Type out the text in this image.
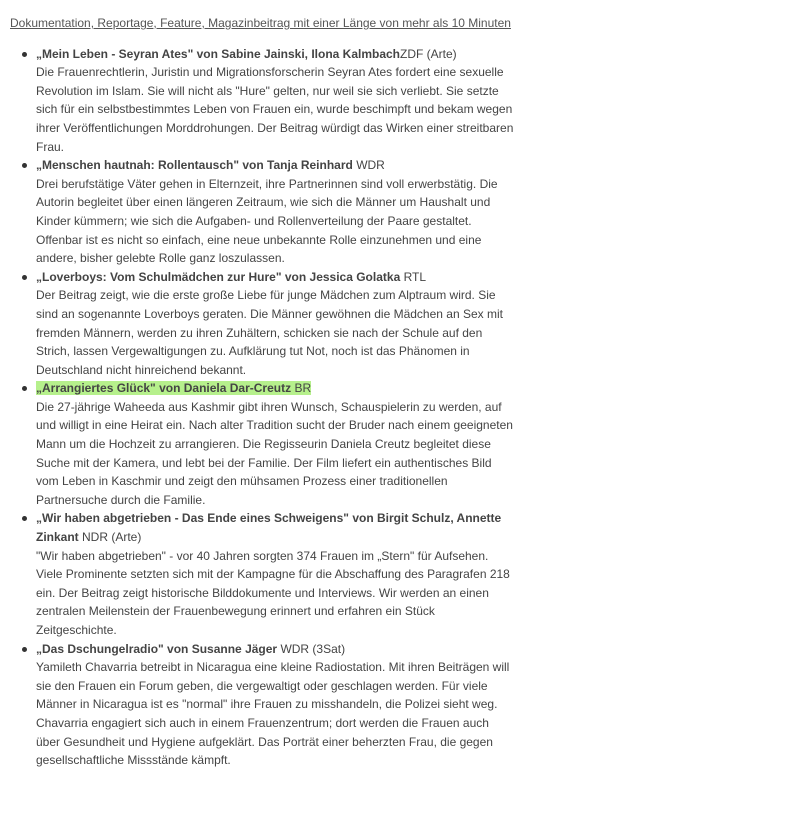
Dokumentation, Reportage, Feature, Magazinbeitrag mit einer Länge von mehr als 10 Minuten
„Mein Leben - Seyran Ates" von Sabine Jainski, Ilona KalmbachZDF (Arte)
Die Frauenrechtlerin, Juristin und Migrationsforscherin Seyran Ates fordert eine sexuelle Revolution im Islam. Sie will nicht als "Hure" gelten, nur weil sie sich verliebt. Sie setzte sich für ein selbstbestimmtes Leben von Frauen ein, wurde beschimpft und bekam wegen ihrer Veröffentlichungen Morddrohungen. Der Beitrag würdigt das Wirken einer streitbaren Frau.
„Menschen hautnah: Rollentausch" von Tanja Reinhard WDR
Drei berufstätige Väter gehen in Elternzeit, ihre Partnerinnen sind voll erwerbstätig. Die Autorin begleitet über einen längeren Zeitraum, wie sich die Männer um Haushalt und Kinder kümmern; wie sich die Aufgaben- und Rollenverteilung der Paare gestaltet. Offenbar ist es nicht so einfach, eine neue unbekannte Rolle einzunehmen und eine andere, bisher gelebte Rolle ganz loszulassen.
„Loverboys: Vom Schulmädchen zur Hure" von Jessica Golatka RTL
Der Beitrag zeigt, wie die erste große Liebe für junge Mädchen zum Alptraum wird. Sie sind an sogenannte Loverboys geraten. Die Männer gewöhnen die Mädchen an Sex mit fremden Männern, werden zu ihren Zuhältern, schicken sie nach der Schule auf den Strich, lassen Vergewaltigungen zu. Aufklärung tut Not, noch ist das Phänomen in Deutschland nicht hinreichend bekannt.
„Arrangiertes Glück" von Daniela Dar-Creutz BR
Die 27-jährige Waheeda aus Kashmir gibt ihren Wunsch, Schauspielerin zu werden, auf und willigt in eine Heirat ein. Nach alter Tradition sucht der Bruder nach einem geeigneten Mann um die Hochzeit zu arrangieren. Die Regisseurin Daniela Creutz begleitet diese Suche mit der Kamera, und lebt bei der Familie. Der Film liefert ein authentisches Bild vom Leben in Kaschmir und zeigt den mühsamen Prozess einer traditionellen Partnersuche durch die Familie.
„Wir haben abgetrieben - Das Ende eines Schweigens" von Birgit Schulz, Annette Zinkant NDR (Arte)
"Wir haben abgetrieben" - vor 40 Jahren sorgten 374 Frauen im „Stern" für Aufsehen. Viele Prominente setzten sich mit der Kampagne für die Abschaffung des Paragrafen 218 ein. Der Beitrag zeigt historische Bilddokumente und Interviews. Wir werden an einen zentralen Meilenstein der Frauenbewegung erinnert und erfahren ein Stück Zeitgeschichte.
„Das Dschungelradio" von Susanne Jäger WDR (3Sat)
Yamileth Chavarria betreibt in Nicaragua eine kleine Radiostation. Mit ihren Beiträgen will sie den Frauen ein Forum geben, die vergewaltigt oder geschlagen werden. Für viele Männer in Nicaragua ist es "normal" ihre Frauen zu misshandeln, die Polizei sieht weg. Chavarria engagiert sich auch in einem Frauenzentrum; dort werden die Frauen auch über Gesundheit und Hygiene aufgeklärt. Das Porträt einer beherzten Frau, die gegen gesellschaftliche Missstände kämpft.
